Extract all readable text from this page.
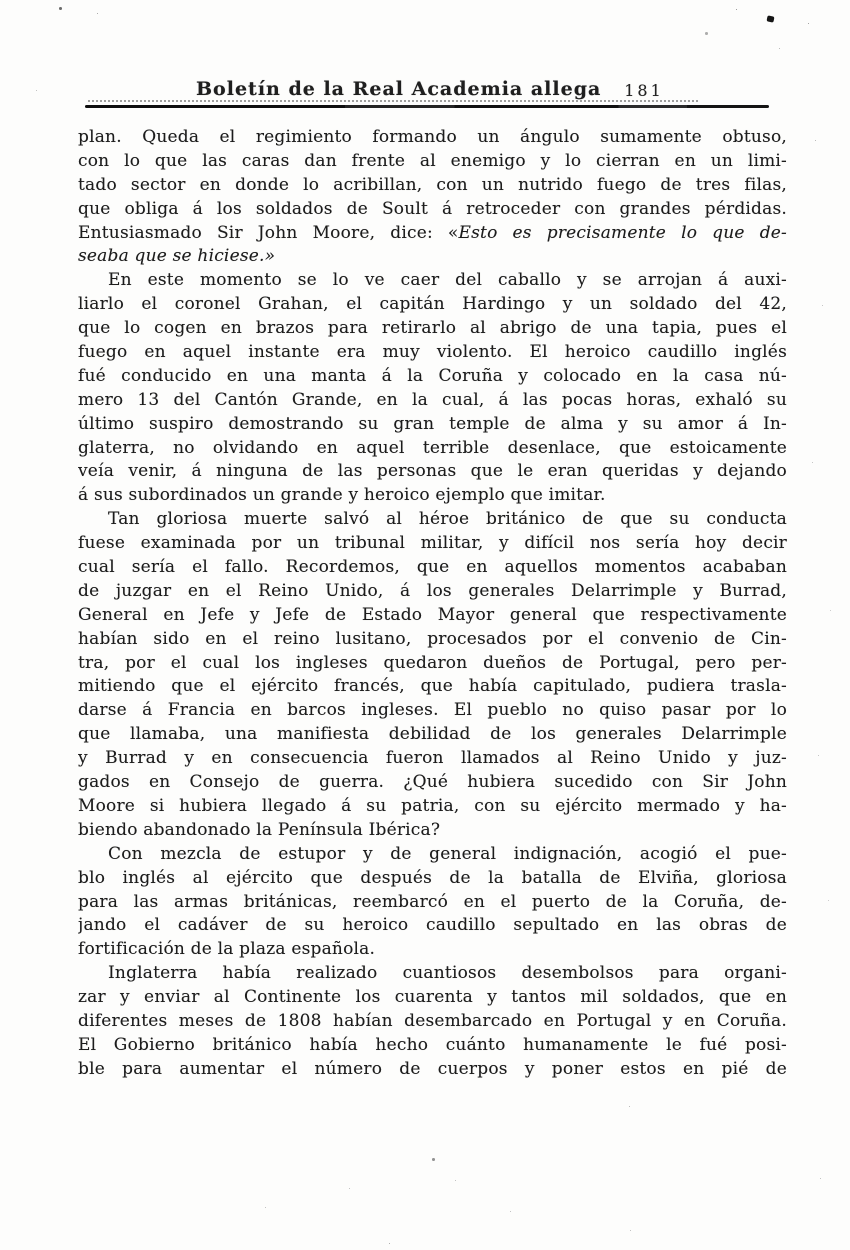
Boletín de la Real Academia allega 181
plan. Queda el regimiento formando un ángulo sumamente obtuso,
con lo que las caras dan frente al enemigo y lo cierran en un limi-
tado sector en donde lo acribillan, con un nutrido fuego de tres filas,
que obliga á los soldados de Soult á retroceder con grandes pérdidas.
Entusiasmado Sir John Moore, dice: «Esto es precisamente lo que de-
seaba que se hiciese.»
En este momento se lo ve caer del caballo y se arrojan á auxi-
liarlo el coronel Grahan, el capitán Hardingo y un soldado del 42,
que lo cogen en brazos para retirarlo al abrigo de una tapia, pues el
fuego en aquel instante era muy violento. El heroico caudillo inglés
fué conducido en una manta á la Coruña y colocado en la casa nú-
mero 13 del Cantón Grande, en la cual, á las pocas horas, exhaló su
último suspiro demostrando su gran temple de alma y su amor á In-
glaterra, no olvidando en aquel terrible desenlace, que estoicamente
veía venir, á ninguna de las personas que le eran queridas y dejando
á sus subordinados un grande y heroico ejemplo que imitar.
Tan gloriosa muerte salvó al héroe británico de que su conducta
fuese examinada por un tribunal militar, y difícil nos sería hoy decir
cual sería el fallo. Recordemos, que en aquellos momentos acababan
de juzgar en el Reino Unido, á los generales Delarrimple y Burrad,
General en Jefe y Jefe de Estado Mayor general que respectivamente
habían sido en el reino lusitano, procesados por el convenio de Cin-
tra, por el cual los ingleses quedaron dueños de Portugal, pero per-
mitiendo que el ejército francés, que había capitulado, pudiera trasla-
darse á Francia en barcos ingleses. El pueblo no quiso pasar por lo
que llamaba, una manifiesta debilidad de los generales Delarrimple
y Burrad y en consecuencia fueron llamados al Reino Unido y juz-
gados en Consejo de guerra. ¿Qué hubiera sucedido con Sir John
Moore si hubiera llegado á su patria, con su ejército mermado y ha-
biendo abandonado la Península Ibérica?
Con mezcla de estupor y de general indignación, acogió el pue-
blo inglés al ejército que después de la batalla de Elviña, gloriosa
para las armas británicas, reembarcó en el puerto de la Coruña, de-
jando el cadáver de su heroico caudillo sepultado en las obras de
fortificación de la plaza española.
Inglaterra había realizado cuantiosos desembolsos para organi-
zar y enviar al Continente los cuarenta y tantos mil soldados, que en
diferentes meses de 1808 habían desembarcado en Portugal y en Coruña.
El Gobierno británico había hecho cuánto humanamente le fué posi-
ble para aumentar el número de cuerpos y poner estos en pié de
